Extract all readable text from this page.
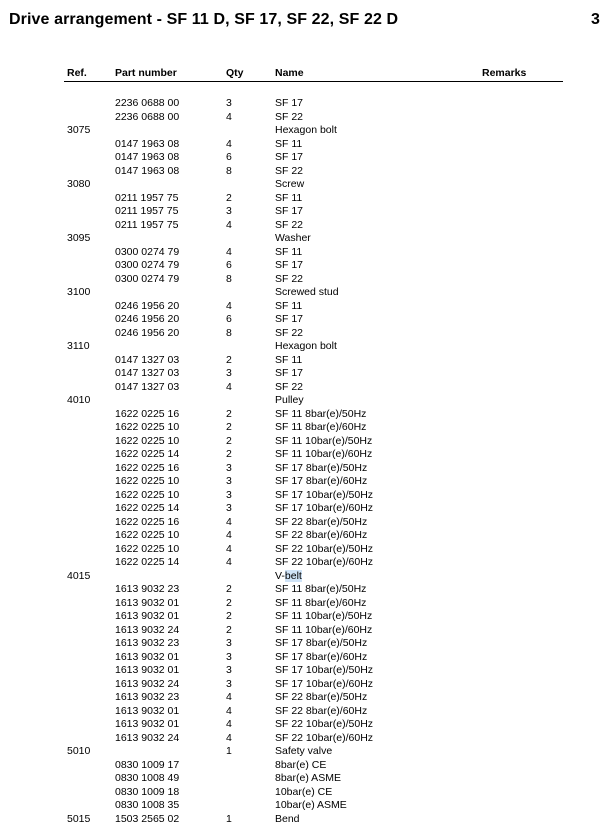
Drive arrangement - SF 11 D, SF 17, SF 22, SF 22 D	3
Ref.	Part number	Qty	Name	Remarks
2236 0688 00	3	SF 17
2236 0688 00	4	SF 22
3075	Hexagon bolt
0147 1963 08	4	SF 11
0147 1963 08	6	SF 17
0147 1963 08	8	SF 22
3080	Screw
0211 1957 75	2	SF 11
0211 1957 75	3	SF 17
0211 1957 75	4	SF 22
3095	Washer
0300 0274 79	4	SF 11
0300 0274 79	6	SF 17
0300 0274 79	8	SF 22
3100	Screwed stud
0246 1956 20	4	SF 11
0246 1956 20	6	SF 17
0246 1956 20	8	SF 22
3110	Hexagon bolt
0147 1327 03	2	SF 11
0147 1327 03	3	SF 17
0147 1327 03	4	SF 22
4010	Pulley
1622 0225 16	2	SF 11 8bar(e)/50Hz
1622 0225 10	2	SF 11 8bar(e)/60Hz
1622 0225 10	2	SF 11 10bar(e)/50Hz
1622 0225 14	2	SF 11 10bar(e)/60Hz
1622 0225 16	3	SF 17 8bar(e)/50Hz
1622 0225 10	3	SF 17 8bar(e)/60Hz
1622 0225 10	3	SF 17 10bar(e)/50Hz
1622 0225 14	3	SF 17 10bar(e)/60Hz
1622 0225 16	4	SF 22 8bar(e)/50Hz
1622 0225 10	4	SF 22 8bar(e)/60Hz
1622 0225 10	4	SF 22 10bar(e)/50Hz
1622 0225 14	4	SF 22 10bar(e)/60Hz
4015	V-belt
1613 9032 23	2	SF 11 8bar(e)/50Hz
1613 9032 01	2	SF 11 8bar(e)/60Hz
1613 9032 01	2	SF 11 10bar(e)/50Hz
1613 9032 24	2	SF 11 10bar(e)/60Hz
1613 9032 23	3	SF 17 8bar(e)/50Hz
1613 9032 01	3	SF 17 8bar(e)/60Hz
1613 9032 01	3	SF 17 10bar(e)/50Hz
1613 9032 24	3	SF 17 10bar(e)/60Hz
1613 9032 23	4	SF 22 8bar(e)/50Hz
1613 9032 01	4	SF 22 8bar(e)/60Hz
1613 9032 01	4	SF 22 10bar(e)/50Hz
1613 9032 24	4	SF 22 10bar(e)/60Hz
5010	1	Safety valve
0830 1009 17	8bar(e) CE
0830 1008 49	8bar(e) ASME
0830 1009 18	10bar(e) CE
0830 1008 35	10bar(e) ASME
5015 1503 2565 02	1	Bend
